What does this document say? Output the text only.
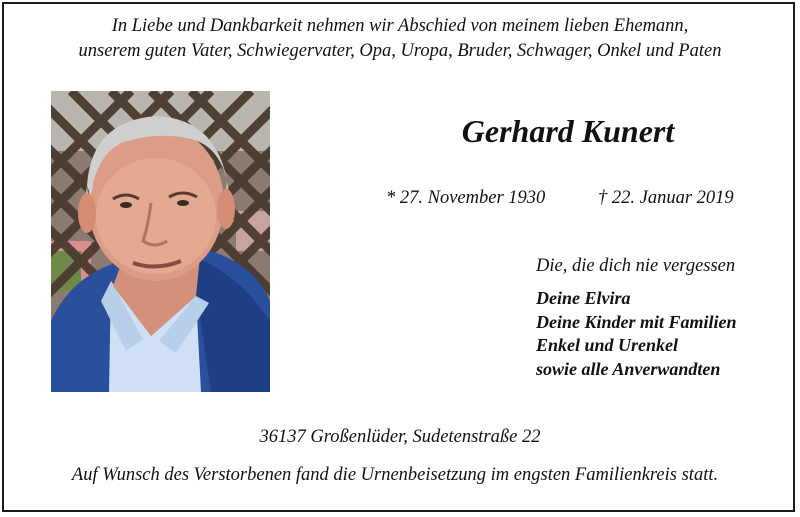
In Liebe und Dankbarkeit nehmen wir Abschied von meinem lieben Ehemann,
unserem guten Vater, Schwiegervater, Opa, Uropa, Bruder, Schwager, Onkel und Paten
Gerhard Kunert
* 27. November 1930	† 22. Januar 2019
Die, die dich nie vergessen
Deine Elvira
Deine Kinder mit Familien
Enkel und Urenkel
sowie alle Anverwandten
36137 Großenlüder, Sudetenstraße 22
Auf Wunsch des Verstorbenen fand die Urnenbeisetzung im engsten Familienkreis statt.
